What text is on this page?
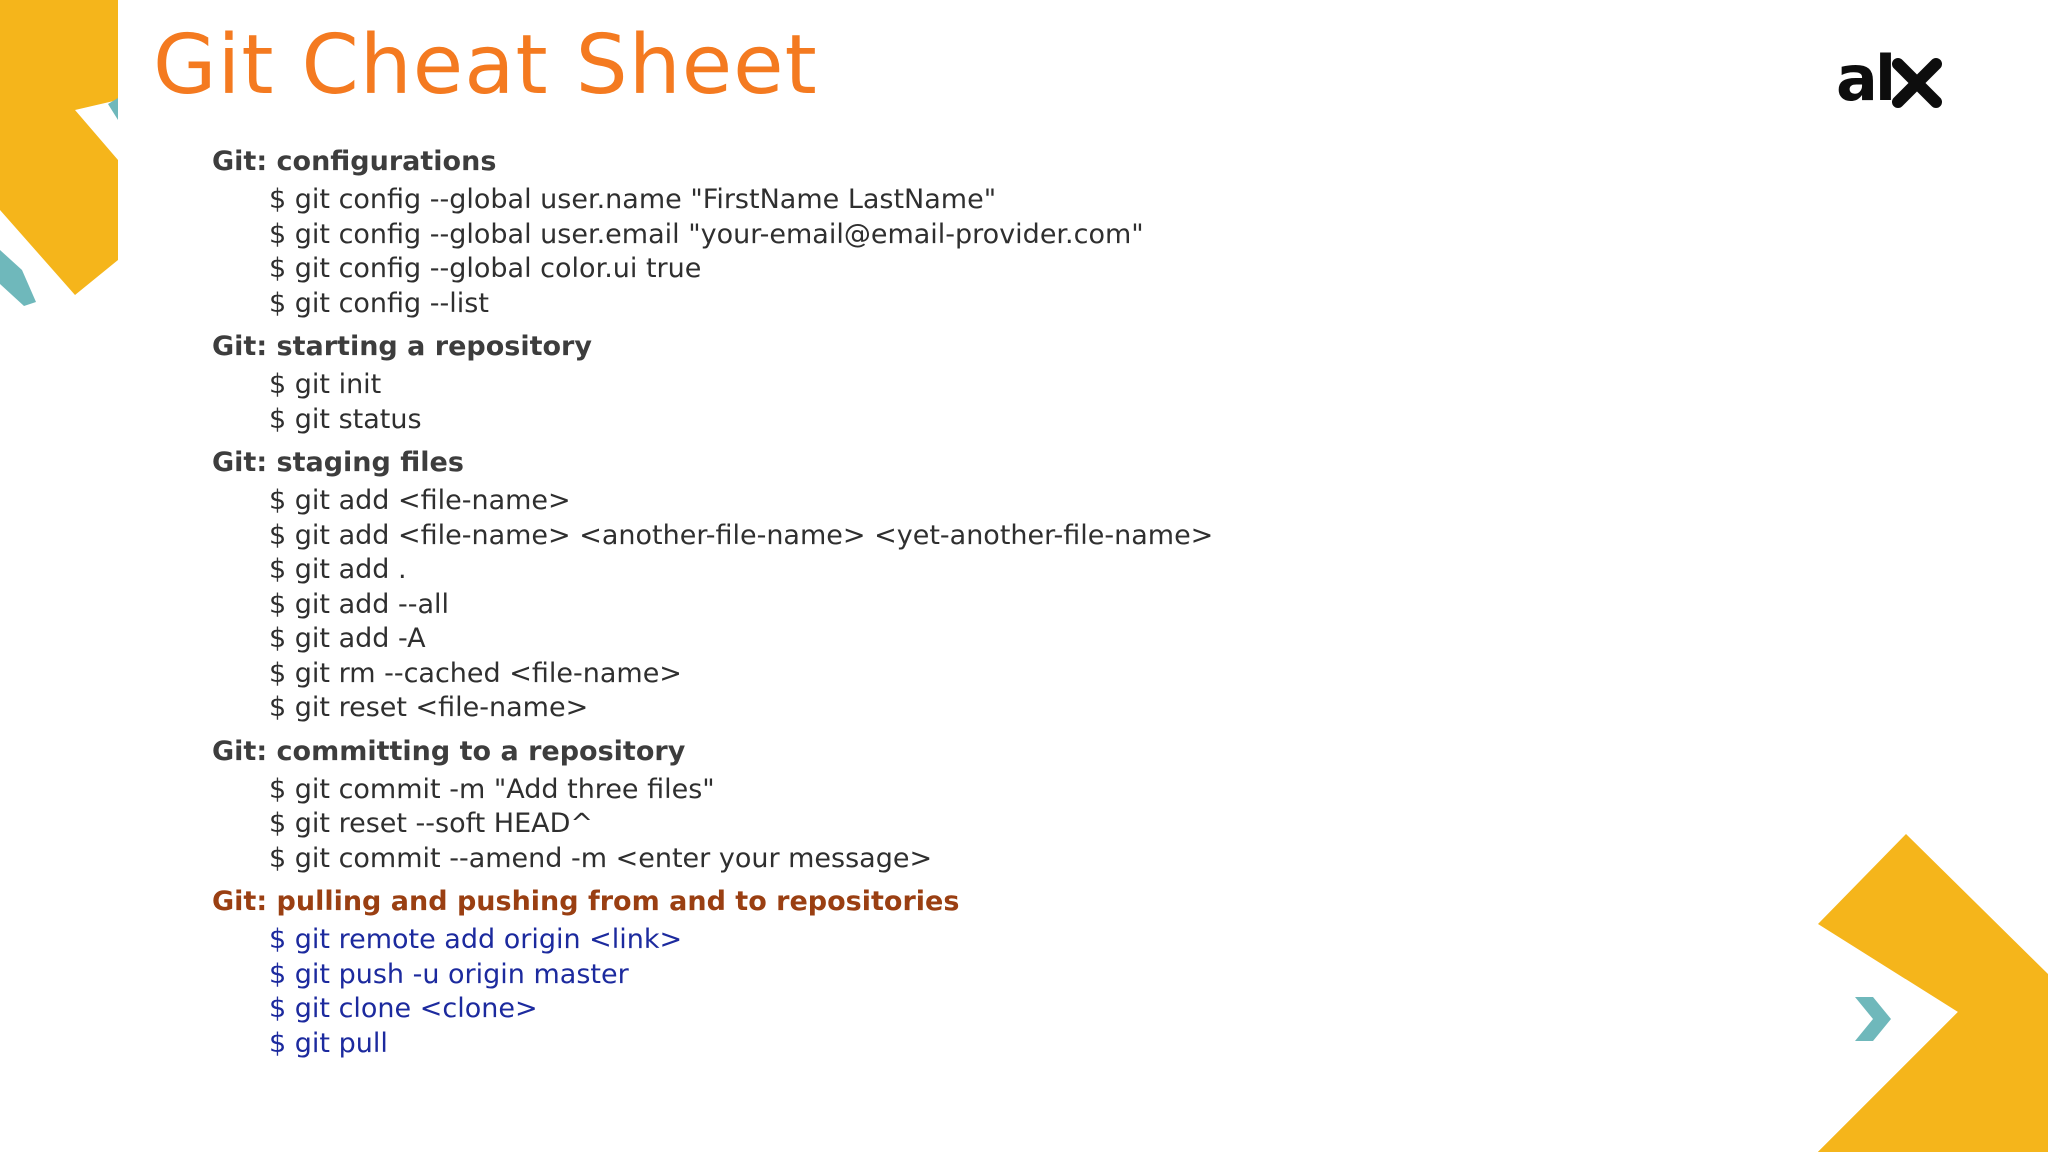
Git Cheat Sheet	al
Git: configurations
$ git config --global user.name "FirstName LastName"
$ git config --global user.email "your-email@email-provider.com"
$ git config --global color.ui true
$ git config --list
Git: starting a repository
$ git init
$ git status
Git: staging files
$ git add <file-name>
$ git add <file-name> <another-file-name> <yet-another-file-name>
$ git add .
$ git add --all
$ git add -A
$ git rm --cached <file-name>
$ git reset <file-name>
Git: committing to a repository
$ git commit -m "Add three files"
$ git reset --soft HEAD^
$ git commit --amend -m <enter your message>
Git: pulling and pushing from and to repositories
$ git remote add origin <link>
$ git push -u origin master
$ git clone <clone>
$ git pull
